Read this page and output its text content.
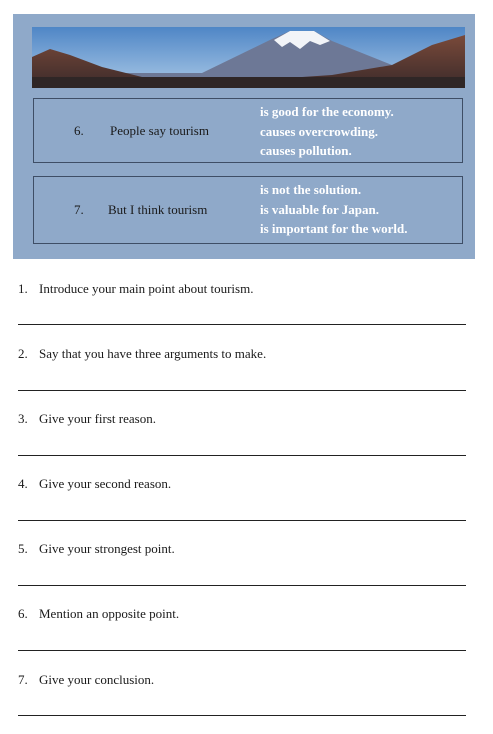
6. People say tourism
is good for the economy.
causes overcrowding.
causes pollution.
7. But I think tourism
is not the solution.
is valuable for Japan.
is important for the world.
1. Introduce your main point about tourism.
2. Say that you have three arguments to make.
3. Give your first reason.
4. Give your second reason.
5. Give your strongest point.
6. Mention an opposite point.
7. Give your conclusion.
